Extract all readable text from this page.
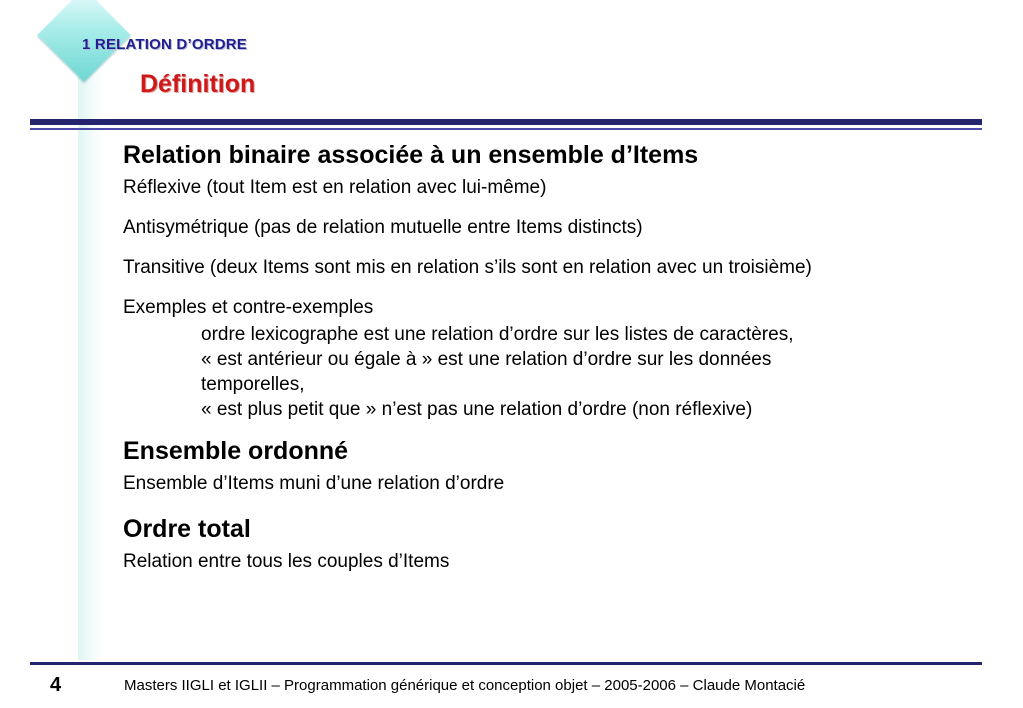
1 RELATION D’ORDRE

Définition
Relation binaire associée à un ensemble d’Items
Réflexive (tout Item est en relation avec lui-même)
Antisymétrique (pas de relation mutuelle entre Items distincts)
Transitive (deux Items sont mis en relation s’ils sont en relation avec un troisième)
Exemples et contre-exemples
ordre lexicographe est une relation d’ordre sur les listes de caractères,
« est antérieur ou égale à » est une relation d’ordre sur les données
temporelles,
« est plus petit que » n’est pas une relation d’ordre (non réflexive)
Ensemble ordonné
Ensemble d’Items muni d’une relation d’ordre
Ordre total
Relation entre tous les couples d’Items

4	Masters IIGLI et IGLII – Programmation générique et conception objet – 2005-2006 – Claude Montacié
